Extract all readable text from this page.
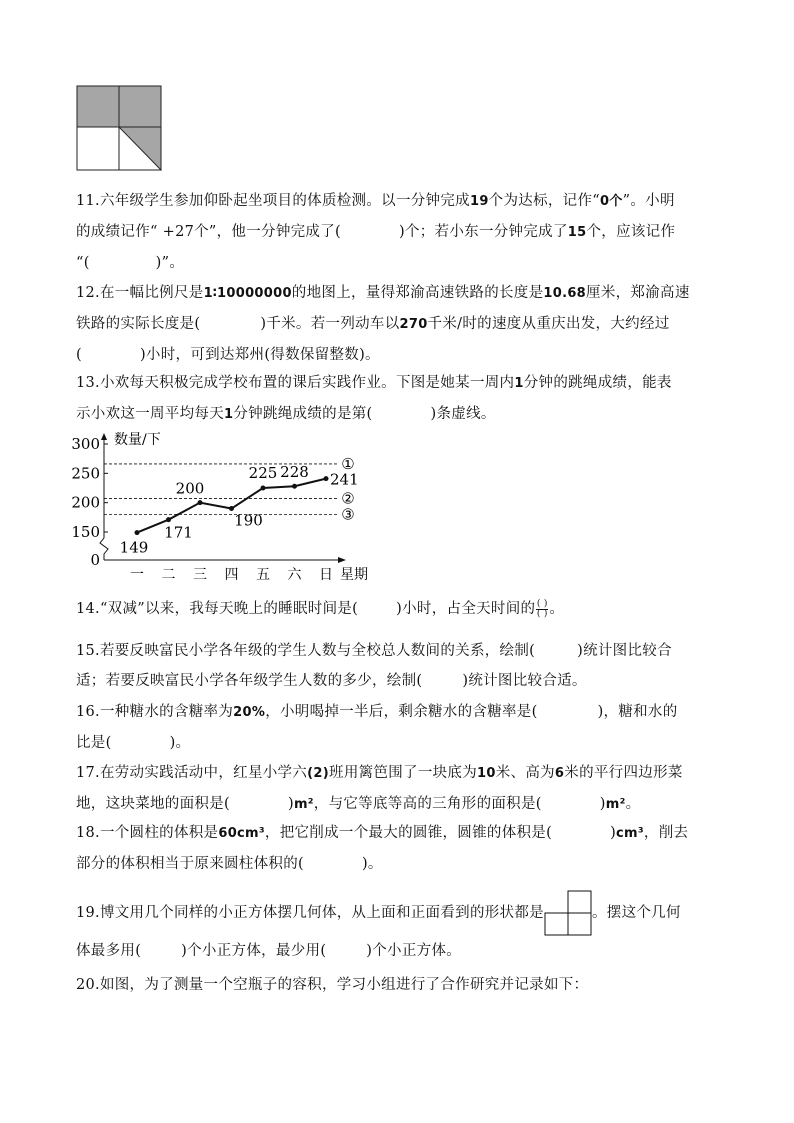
11.六年级学生参加仰卧起坐项目的体质检测。以一分钟完成19个为达标，记作“0个”。小明
的成绩记作“ +27个”，他一分钟完成了(	)个；若小东一分钟完成了15个，应该记作
“(	)”。
12.在一幅比例尺是1∶10000000的地图上，量得郑渝高速铁路的长度是10.68厘米，郑渝高速
铁路的实际长度是(	)千米。若一列动车以270千米/时的速度从重庆出发，大约经过
(	)小时，可到达郑州(得数保留整数)。
13.小欢每天积极完成学校布置的课后实践作业。下图是她某一周内1分钟的跳绳成绩，能表
示小欢这一周平均每天1分钟跳绳成绩的是第(	)条虚线。
300
250
200
150
0
数量/下
①
②
③
149
171
200
190
225 228 241
一 二 三 四 五 六 日 星期
14.“双减”以来，我每天晚上的睡眠时间是(	)小时，占全天时间的 $\frac{( )}{( )}$ 。
15.若要反映富民小学各年级的学生人数与全校总人数间的关系，绘制(	)统计图比较合
适；若要反映富民小学各年级学生人数的多少，绘制(	)统计图比较合适。
16.一种糖水的含糖率为20%，小明喝掉一半后，剩余糖水的含糖率是(	)，糖和水的
比是(	)。
17.在劳动实践活动中，红星小学六(2)班用篱笆围了一块底为10米、高为6米的平行四边形菜
地，这块菜地的面积是(	)m²，与它等底等高的三角形的面积是(	)m²。
18.一个圆柱的体积是60cm³，把它削成一个最大的圆锥，圆锥的体积是(	)cm³，削去
部分的体积相当于原来圆柱体积的(	)。
19.博文用几个同样的小正方体摆几何体，从上面和正面看到的形状都是	。摆这个几何
体最多用(	)个小正方体，最少用(	)个小正方体。
20.如图，为了测量一个空瓶子的容积，学习小组进行了合作研究并记录如下：
